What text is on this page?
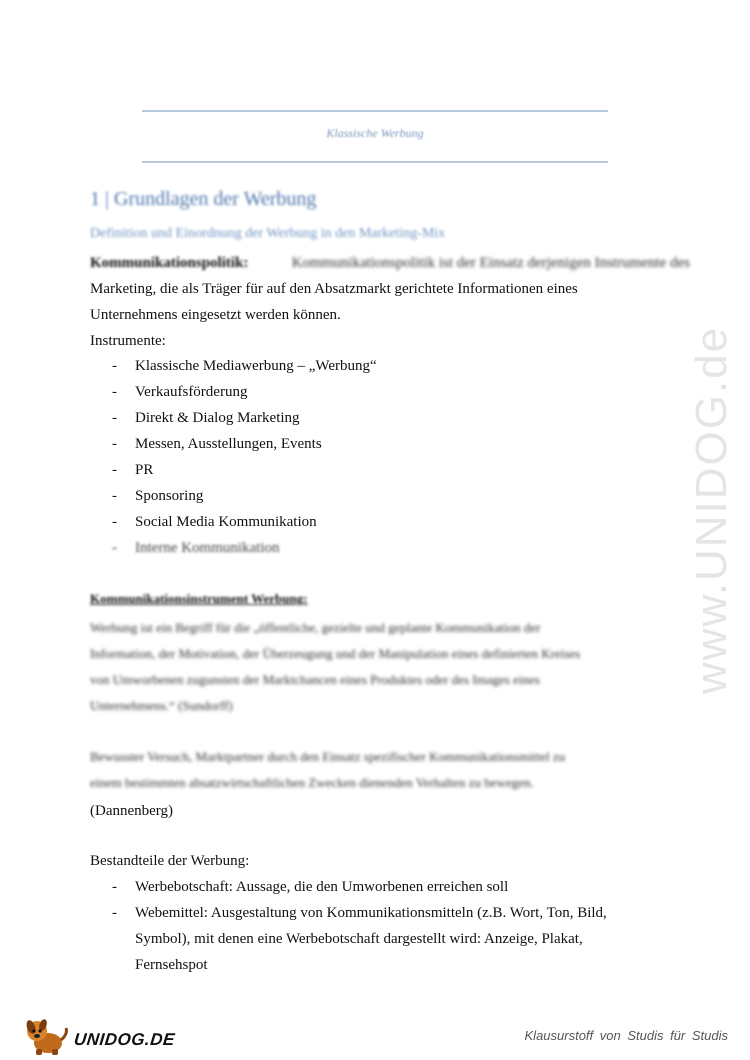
Klassische Werbung
1 | Grundlagen der Werbung
Definition und Einordnung der Werbung in den Marketing-Mix
Kommunikationspolitik:	Kommunikationspolitik ist der Einsatz derjenigen Instrumente des
Marketing, die als Träger für auf den Absatzmarkt gerichtete Informationen eines
Unternehmens eingesetzt werden können.
Instrumente:
- Klassische Mediawerbung – „Werbung“
- Verkaufsförderung
- Direkt & Dialog Marketing
- Messen, Ausstellungen, Events
- PR
- Sponsoring
- Social Media Kommunikation
- Interne Kommunikation
Kommunikationsinstrument Werbung:
Werbung ist ein Begriff für die „öffentliche, gezielte und geplante Kommunikation der
Information, der Motivation, der Überzeugung und der Manipulation eines definierten Kreises
von Umworbenen zugunsten der Marktchancen eines Produktes oder des Images eines
Unternehmens.“ (Sundorff)
Bewusster Versuch, Marktpartner durch den Einsatz spezifischer Kommunikationsmittel zu
einem bestimmten absatzwirtschaftlichen Zwecken dienenden Verhalten zu bewegen.
(Dannenberg)
Bestandteile der Werbung:
- Werbebotschaft: Aussage, die den Umworbenen erreichen soll
- Webemittel: Ausgestaltung von Kommunikationsmitteln (z.B. Wort, Ton, Bild,
Symbol), mit denen eine Werbebotschaft dargestellt wird: Anzeige, Plakat,
Fernsehspot
www.UNIDOG.de
UNIDOG.DE	Klausurstoff von Studis für Studis
